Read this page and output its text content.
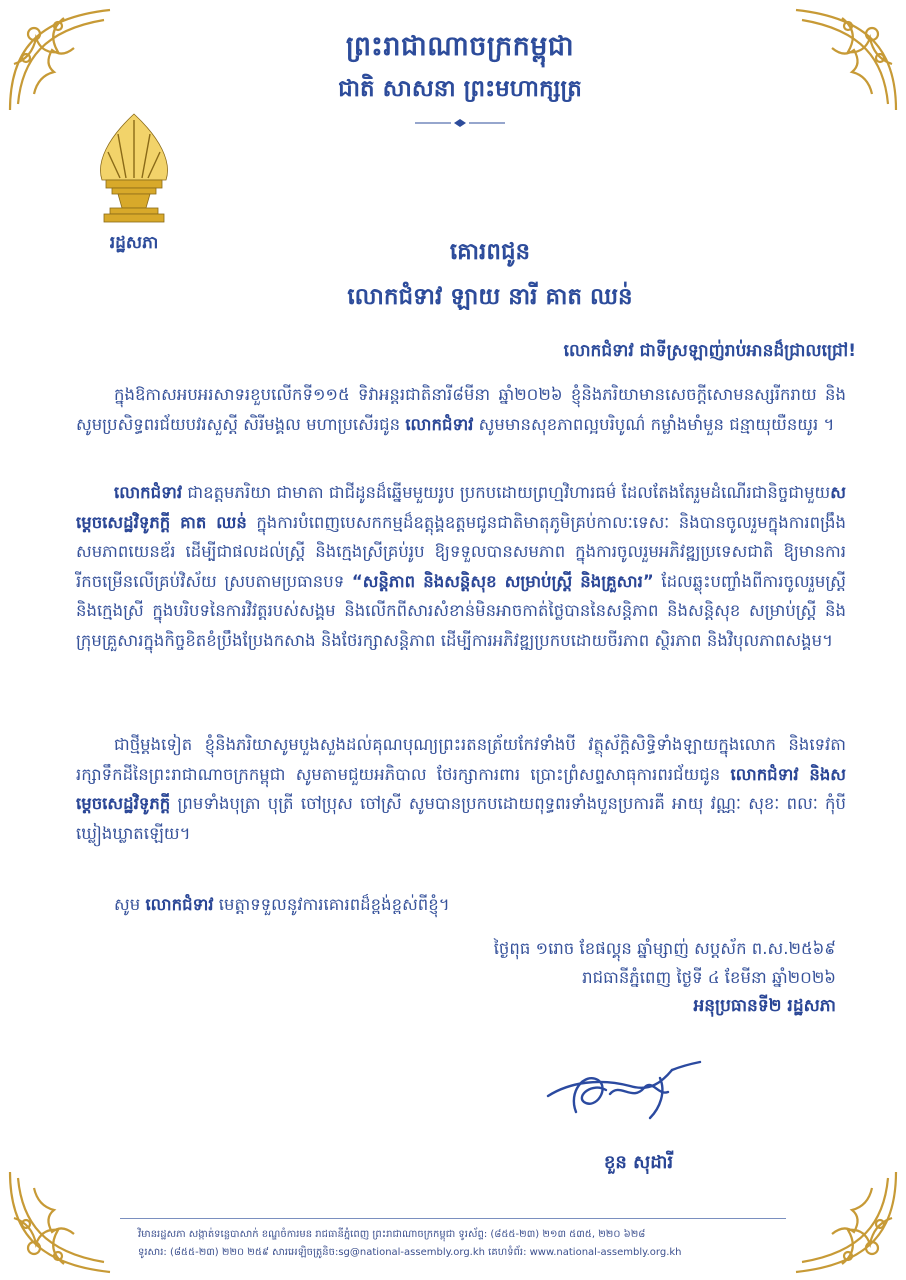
ព្រះរាជាណាចក្រកម្ពុជា
ជាតិ សាសនា ព្រះមហាក្សត្រ
រដ្ឋសភា	គោរពជូន
លោកជំទាវ ឡាយ នារី គាត ឈន់
លោកជំទាវ ជាទីស្រឡាញ់រាប់អានដ៏ជ្រាលជ្រៅ!
ក្នុងឱកាសអបអរសាទរខួបលើកទី១១៥ ទិវាអន្តរជាតិនារី៨មីនា ឆ្នាំ២០២៦ ខ្ញុំនិងភរិយាមានសេចក្តីសោមនស្សរីករាយ និងសូមប្រសិទ្ធពរជ័យបវរសួស្តី សិរីមង្គល មហាប្រសើរជូន លោកជំទាវ សូមមានសុខភាពល្អបរិបូណ៌ កម្លាំងមាំមួន ជន្មាយុយឺនយូរ ។
លោកជំទាវ ជាឧត្តមភរិយា ជាមាតា ជាជីដូនដ៏ឆ្នើមមួយរូប ប្រកបដោយព្រហ្មវិហារធម៌ ដែលតែងតែរួមដំណើរជានិច្ចជាមួយសម្តេចសេដ្ឋវិទូភក្តី គាត ឈន់ ក្នុងការបំពេញបេសកកម្មដ៏ឧត្តុង្គឧត្តមជូនជាតិមាតុភូមិគ្រប់កាលៈទេសៈ និងបានចូលរួមក្នុងការពង្រឹងសមភាពយេនឌ័រ ដើម្បីជាផលដល់ស្ត្រី និងក្មេងស្រីគ្រប់រូប ឱ្យទទួលបានសមភាព ក្នុងការចូលរួមអភិវឌ្ឍប្រទេសជាតិ ឱ្យមានការរីកចម្រើនលើគ្រប់វិស័យ ស្របតាមប្រធានបទ “សន្តិភាព និងសន្តិសុខ សម្រាប់ស្ត្រី និងគ្រួសារ” ដែលឆ្លុះបញ្ចាំងពីការចូលរួមស្ត្រី និងក្មេងស្រី ក្នុងបរិបទនៃការវិវត្តរបស់សង្គម និងលើកពីសារសំខាន់មិនអាចកាត់ថ្លៃបាននៃសន្តិភាព និងសន្តិសុខ សម្រាប់ស្ត្រី និងក្រុមគ្រួសារក្នុងកិច្ចខិតខំប្រឹងប្រែងកសាង និងថែរក្សាសន្តិភាព ដើម្បីការអភិវឌ្ឍប្រកបដោយចីរភាព ស្ថិរភាព និងវិបុលភាពសង្គម។
ជាថ្មីម្តងទៀត ខ្ញុំនិងភរិយាសូមបួងសួងដល់គុណបុណ្យព្រះរតនត្រ័យកែវទាំងបី វត្ថុស័ក្តិសិទ្ធិទាំងឡាយក្នុងលោក និងទេវតារក្សាទឹកដីនៃព្រះរាជាណាចក្រកម្ពុជា សូមតាមជួយអភិបាល ថែរក្សាការពារ ប្រោះព្រំសព្ទសាធុការពរជ័យជូន លោកជំទាវ និងសម្តេចសេដ្ឋវិទូភក្តី ព្រមទាំងបុត្រា បុត្រី ចៅប្រុស ចៅស្រី សូមបានប្រកបដោយពុទ្ធពរទាំងបួនប្រការគឺ អាយុ វណ្ណៈ សុខៈ ពលៈ កុំបីឃ្លៀងឃ្លាតឡើយ។
សូម លោកជំទាវ មេត្តាទទួលនូវការគោរពដ៏ខ្ពង់ខ្ពស់ពីខ្ញុំ។
ថ្ងៃពុធ ១រោច ខែផល្គុន ឆ្នាំម្សាញ់ សប្តស័ក ព.ស.២៥៦៩
រាជធានីភ្នំពេញ ថ្ងៃទី ៤ ខែមីនា ឆ្នាំ២០២៦
អនុប្រធានទី២ រដ្ឋសភា
ខួន សុដារី
វិមានរដ្ឋសភា សង្កាត់ទន្លេបាសាក់ ខណ្ឌចំការមន រាជធានីភ្នំពេញ ព្រះរាជាណាចក្រកម្ពុជា ទូរស័ព្ទ: (៨៥៥-២៣) ២១៣ ៥៣៥, ២២០ ៦២៨
ទូរសារ: (៨៥៥-២៣) ២២០ ២៥៩ សារអេឡិចត្រូនិច:sg@national-assembly.org.kh គេហទំព័រ: www.national-assembly.org.kh
